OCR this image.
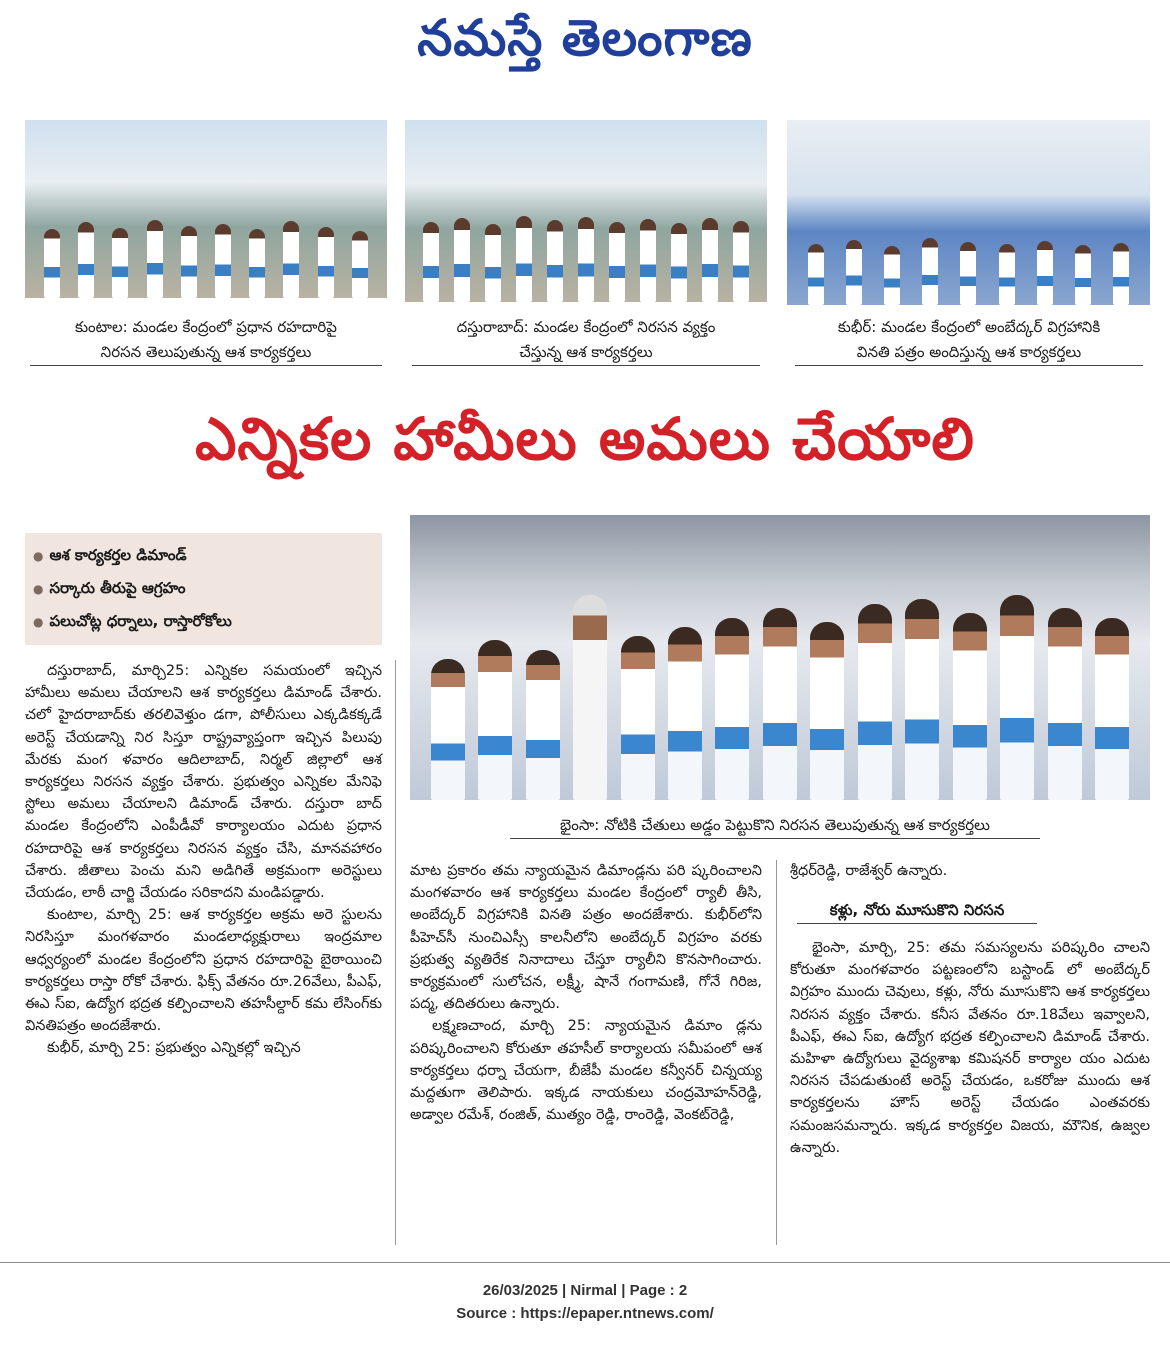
నమస్తే తెలంగాణ
కుంటాల: మండల కేంద్రంలో ప్రధాన రహదారిపై
నిరసన తెలుపుతున్న ఆశ కార్యకర్తలు
దస్తురాబాద్: మండల కేంద్రంలో నిరసన వ్యక్తం
చేస్తున్న ఆశ కార్యకర్తలు
కుభీర్: మండల కేంద్రంలో అంబేద్కర్ విగ్రహానికి
వినతి పత్రం అందిస్తున్న ఆశ కార్యకర్తలు
ఎన్నికల హామీలు అమలు చేయాలి
● ఆశ కార్యకర్తల డిమాండ్
● సర్కారు తీరుపై ఆగ్రహం
● పలుచోట్ల ధర్నాలు, రాస్తారోకోలు
భైంసా: నోటికి చేతులు అడ్డం పెట్టుకొని నిరసన తెలుపుతున్న ఆశ కార్యకర్తలు

దస్తురాబాద్, మార్చి25: ఎన్నికల సమయంలో ఇచ్చిన హామీలు అమలు చేయాలని ఆశ కార్యకర్తలు డిమాండ్ చేశారు. చలో హైదరాబాద్‌కు తరలివెళ్తుం డగా, పోలీసులు ఎక్కడికక్కడే అరెస్ట్ చేయడాన్ని నిర సిస్తూ రాష్ట్రవ్యాప్తంగా ఇచ్చిన పిలుపు మేరకు మంగ ళవారం ఆదిలాబాద్, నిర్మల్ జిల్లాలో ఆశ కార్యకర్తలు నిరసన వ్యక్తం చేశారు. ప్రభుత్వం ఎన్నికల మేనిఫె స్టోలు అమలు చేయాలని డిమాండ్ చేశారు. దస్తురా బాద్ మండల కేంద్రంలోని ఎంపీడీవో కార్యాలయం ఎదుట ప్రధాన రహదారిపై ఆశ కార్యకర్తలు నిరసన వ్యక్తం చేసి, మానవహారం చేశారు. జీతాలు పెంచు మని అడిగితే అక్రమంగా అరెస్టులు చేయడం, లాఠీ చార్జి చేయడం సరికాదని మండిపడ్డారు.

కుంటాల, మార్చి 25: ఆశ కార్యకర్తల అక్రమ అరె స్టులను నిరసిస్తూ మంగళవారం మండలాధ్యక్షురాలు ఇంద్రమాల ఆధ్వర్యంలో మండల కేంద్రంలోని ప్రధాన రహదారిపై బైఠాయించి కార్యకర్తలు రాస్తా రోకో చేశారు. ఫిక్స్ వేతనం రూ.26వేలు, పీఎఫ్, ఈఎ స్ఐ, ఉద్యోగ భద్రత కల్పించాలని తహసీల్దార్ కమ లేసింగ్‌కు వినతిపత్రం అందజేశారు.

కుభీర్, మార్చి 25: ప్రభుత్వం ఎన్నికల్లో ఇచ్చిన

మాట ప్రకారం తమ న్యాయమైన డిమాండ్లను పరి ష్కరించాలని మంగళవారం ఆశ కార్యకర్తలు మండల కేంద్రంలో ర్యాలీ తీసి, అంబేద్కర్ విగ్రహానికి వినతి పత్రం అందజేశారు. కుభీర్‌లోని పీహెచ్‌సీ నుంచిఎస్సీ కాలనీలోని అంబేద్కర్ విగ్రహం వరకు ప్రభుత్వ వ్యతిరేక నినాదాలు చేస్తూ ర్యాలీని కొనసాగించారు. కార్యక్రమంలో సులోచన, లక్ష్మీ, షానే గంగామణి, గోనే గిరిజ, పద్మ, తదితరులు ఉన్నారు.

లక్ష్మణచాంద, మార్చి 25: న్యాయమైన డిమాం డ్లను పరిష్కరించాలని కోరుతూ తహసీల్ కార్యాలయ సమీపంలో ఆశ కార్యకర్తలు ధర్నా చేయగా, బీజేపీ మండల కన్వీనర్ చిన్నయ్య మద్దతుగా తెలిపారు. ఇక్కడ నాయకులు చంద్రమోహన్‌రెడ్డి, అడ్వాల రమేశ్, రంజిత్, ముత్యం రెడ్డి, రాంరెడ్డి, వెంకట్‌రెడ్డి,

శ్రీధర్‌రెడ్డి, రాజేశ్వర్ ఉన్నారు.

కళ్లు, నోరు మూసుకొని నిరసన

భైంసా, మార్చి, 25: తమ సమస్యలను పరిష్కరిం చాలని కోరుతూ మంగళవారం పట్టణంలోని బస్టాండ్ లో అంబేద్కర్ విగ్రహం ముందు చెవులు, కళ్లు, నోరు మూసుకొని ఆశ కార్యకర్తలు నిరసన వ్యక్తం చేశారు. కనీస వేతనం రూ.18వేలు ఇవ్వాలని, పీఎఫ్, ఈఎ స్ఐ, ఉద్యోగ భద్రత కల్పించాలని డిమాండ్ చేశారు. మహిళా ఉద్యోగులు వైద్యశాఖ కమిషనర్ కార్యాల యం ఎదుట నిరసన చేపడుతుంటే అరెస్ట్ చేయడం, ఒకరోజు ముందు ఆశ కార్యకర్తలను హౌస్ అరెస్ట్ చేయడం ఎంతవరకు సమంజసమన్నారు. ఇక్కడ కార్యకర్తల విజయ, మౌనిక, ఉజ్వల ఉన్నారు.

26/03/2025 | Nirmal | Page : 2
Source : https://epaper.ntnews.com/
